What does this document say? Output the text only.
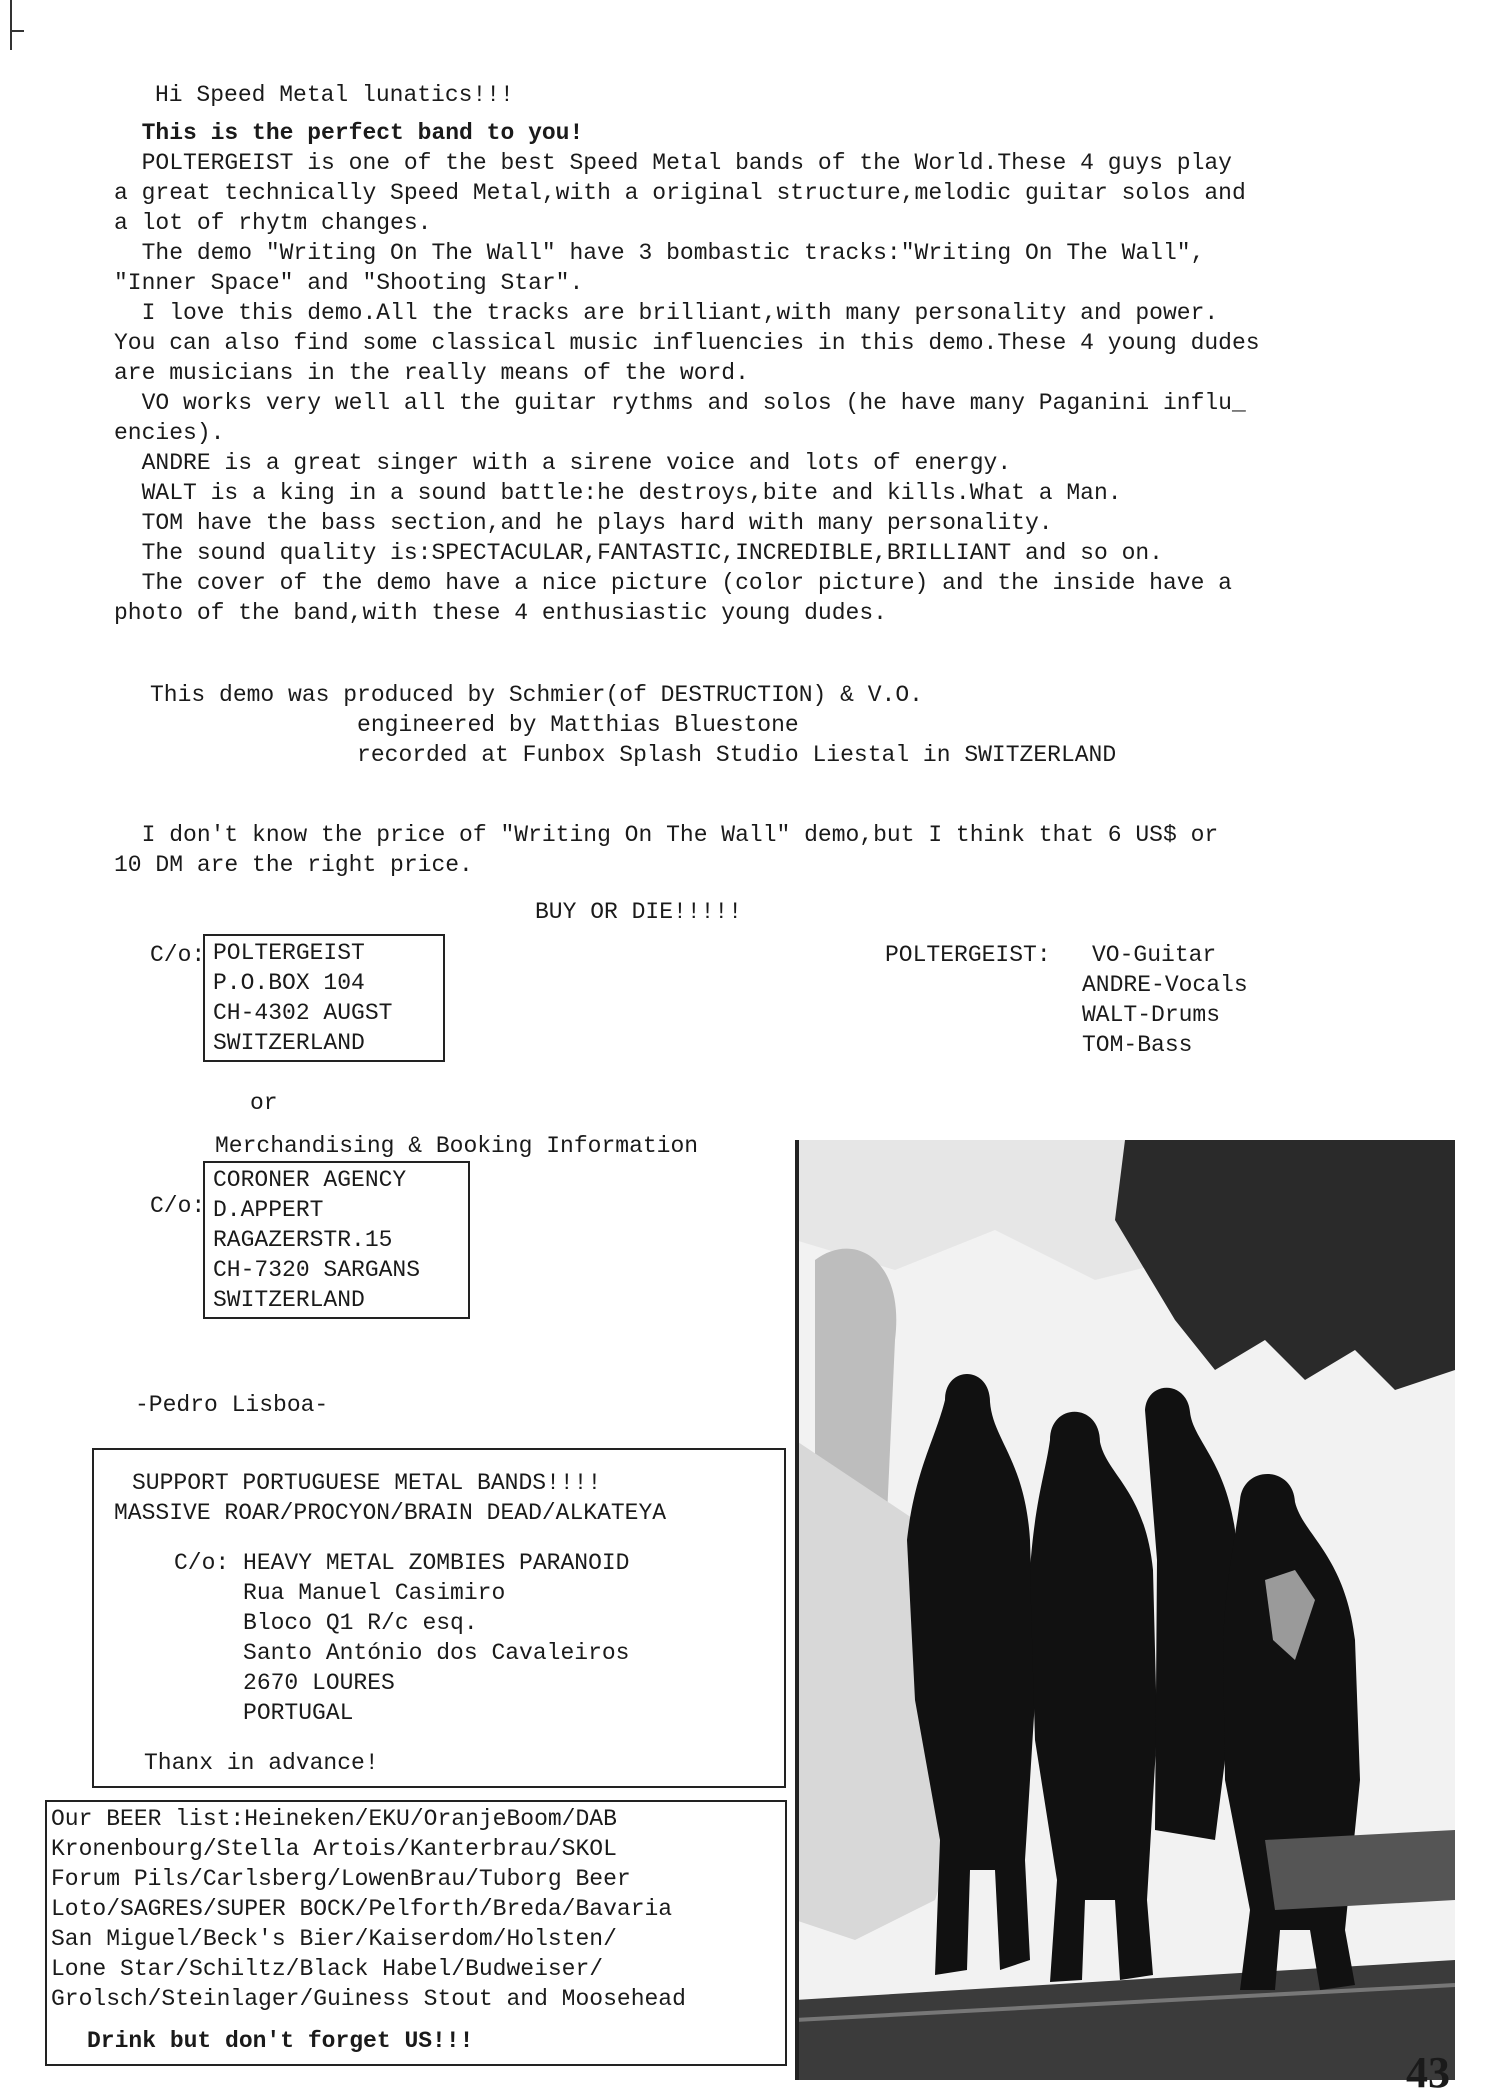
Hi Speed Metal lunatics!!!
This is the perfect band to you!
POLTERGEIST is one of the best Speed Metal bands of the World.These 4 guys play
a great technically Speed Metal,with a original structure,melodic guitar solos and
a lot of rhytm changes.
The demo "Writing On The Wall" have 3 bombastic tracks:"Writing On The Wall",
"Inner Space" and "Shooting Star".
I love this demo.All the tracks are brilliant,with many personality and power.
You can also find some classical music influencies in this demo.These 4 young dudes
are musicians in the really means of the word.
VO works very well all the guitar rythms and solos (he have many Paganini influ_
encies).
ANDRE is a great singer with a sirene voice and lots of energy.
WALT is a king in a sound battle:he destroys,bite and kills.What a Man.
TOM have the bass section,and he plays hard with many personality.
The sound quality is:SPECTACULAR,FANTASTIC,INCREDIBLE,BRILLIANT and so on.
The cover of the demo have a nice picture (color picture) and the inside have a
photo of the band,with these 4 enthusiastic young dudes.
This demo was produced by Schmier(of DESTRUCTION) & V.O.
engineered by Matthias Bluestone
recorded at Funbox Splash Studio Liestal in SWITZERLAND
I don't know the price of "Writing On The Wall" demo,but I think that 6 US$ or
10 DM are the right price.
BUY OR DIE!!!!!
C/o: POLTERGEIST
P.O.BOX 104
CH-4302 AUGST
SWITZERLAND
POLTERGEIST: VO-Guitar
ANDRE-Vocals
WALT-Drums
TOM-Bass
or
Merchandising & Booking Information
C/o:
CORONER AGENCY
D.APPERT
RAGAZERSTR.15
CH-7320 SARGANS
SWITZERLAND
-Pedro Lisboa-
SUPPORT PORTUGUESE METAL BANDS!!!!
MASSIVE ROAR/PROCYON/BRAIN DEAD/ALKATEYA
C/o: HEAVY METAL ZOMBIES PARANOID
Rua Manuel Casimiro
Bloco Q1 R/c esq.
Santo António dos Cavaleiros
2670 LOURES
PORTUGAL
Thanx in advance!
Our BEER list:Heineken/EKU/OranjeBoom/DAB
Kronenbourg/Stella Artois/Kanterbrau/SKOL
Forum Pils/Carlsberg/LowenBrau/Tuborg Beer
Loto/SAGRES/SUPER BOCK/Pelforth/Breda/Bavaria
San Miguel/Beck's Bier/Kaiserdom/Holsten/
Lone Star/Schiltz/Black Habel/Budweiser/
Grolsch/Steinlager/Guiness Stout and Moosehead
Drink but don't forget US!!!
43
